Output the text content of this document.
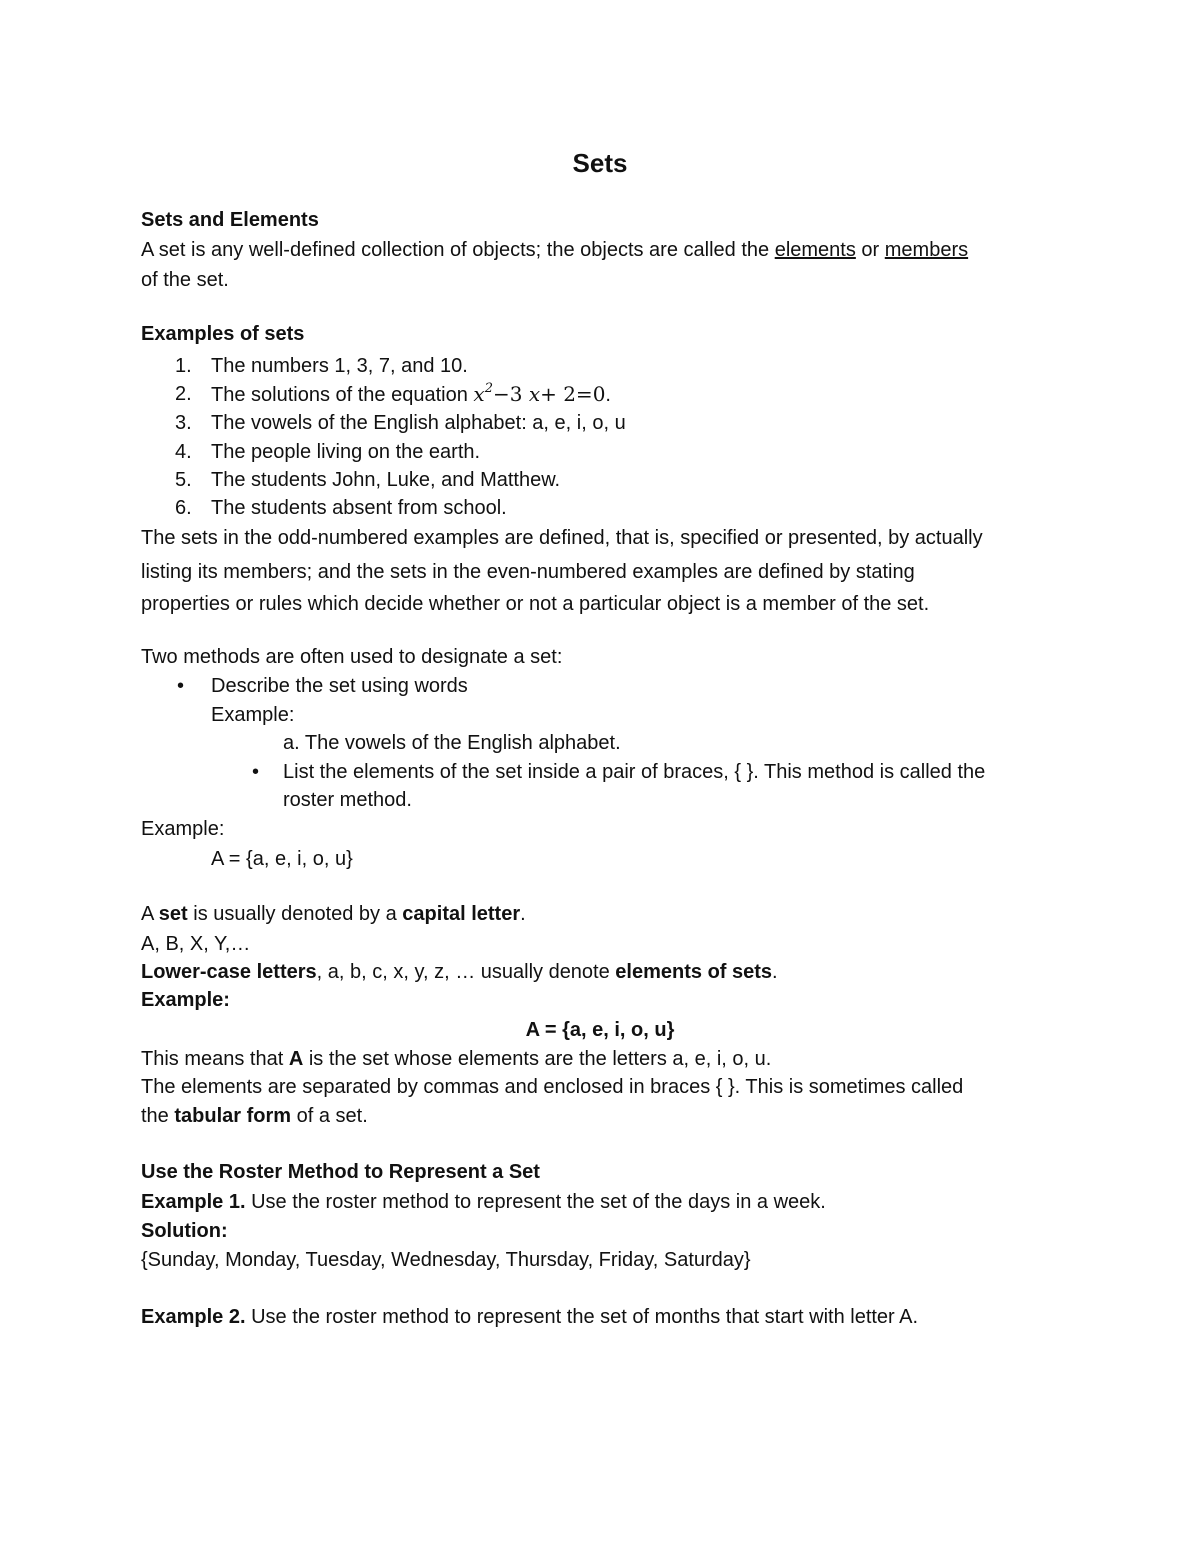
Sets
Sets and Elements
A set is any well-defined collection of objects; the objects are called the elements or members
of the set.
Examples of sets
1. The numbers 1, 3, 7, and 10.
2. The solutions of the equation $x^2-3$ x+ 2=0.
3. The vowels of the English alphabet: a, e, i, o, u
4. The people living on the earth.
5. The students John, Luke, and Matthew.
6. The students absent from school.
The sets in the odd-numbered examples are defined, that is, specified or presented, by actually
listing its members; and the sets in the even-numbered examples are defined by stating
properties or rules which decide whether or not a particular object is a member of the set.
Two methods are often used to designate a set:
• Describe the set using words
Example:
a. The vowels of the English alphabet.
• List the elements of the set inside a pair of braces, { }. This method is called the
roster method.
Example:
A = {a, e, i, o, u}
A set is usually denoted by a capital letter.
A, B, X, Y,…
Lower-case letters, a, b, c, x, y, z, … usually denote elements of sets.
Example:
A = {a, e, i, o, u}
This means that A is the set whose elements are the letters a, e, i, o, u.
The elements are separated by commas and enclosed in braces { }. This is sometimes called
the tabular form of a set.
Use the Roster Method to Represent a Set
Example 1. Use the roster method to represent the set of the days in a week.
Solution:
{Sunday, Monday, Tuesday, Wednesday, Thursday, Friday, Saturday}
Example 2. Use the roster method to represent the set of months that start with letter A.
